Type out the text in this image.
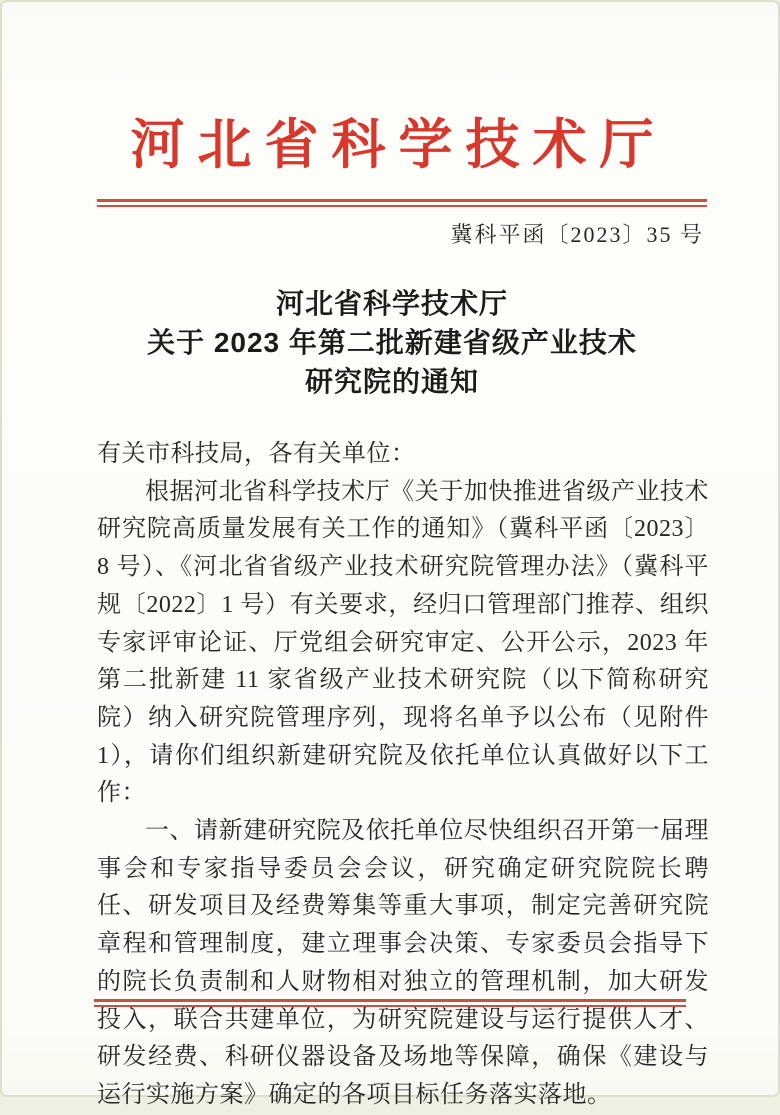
河北省科学技术厅
冀科平函〔2023〕35 号
河北省科学技术厅
关于 2023 年第二批新建省级产业技术
研究院的通知

有关市科技局，各有关单位：

根据河北省科学技术厅《关于加快推进省级产业技术研究院高质量发展有关工作的通知》（冀科平函〔2023〕8 号）、《河北省省级产业技术研究院管理办法》（冀科平规〔2022〕1 号）有关要求，经归口管理部门推荐、组织专家评审论证、厅党组会研究审定、公开公示，2023 年第二批新建 11 家省级产业技术研究院（以下简称研究院）纳入研究院管理序列，现将名单予以公布（见附件 1），请你们组织新建研究院及依托单位认真做好以下工作：

一、请新建研究院及依托单位尽快组织召开第一届理事会和专家指导委员会会议，研究确定研究院院长聘任、研发项目及经费筹集等重大事项，制定完善研究院章程和管理制度，建立理事会决策、专家委员会指导下的院长负责制和人财物相对独立的管理机制，加大研发投入，联合共建单位，为研究院建设与运行提供人才、研发经费、科研仪器设备及场地等保障，确保《建设与运行实施方案》确定的各项目标任务落实落地。
